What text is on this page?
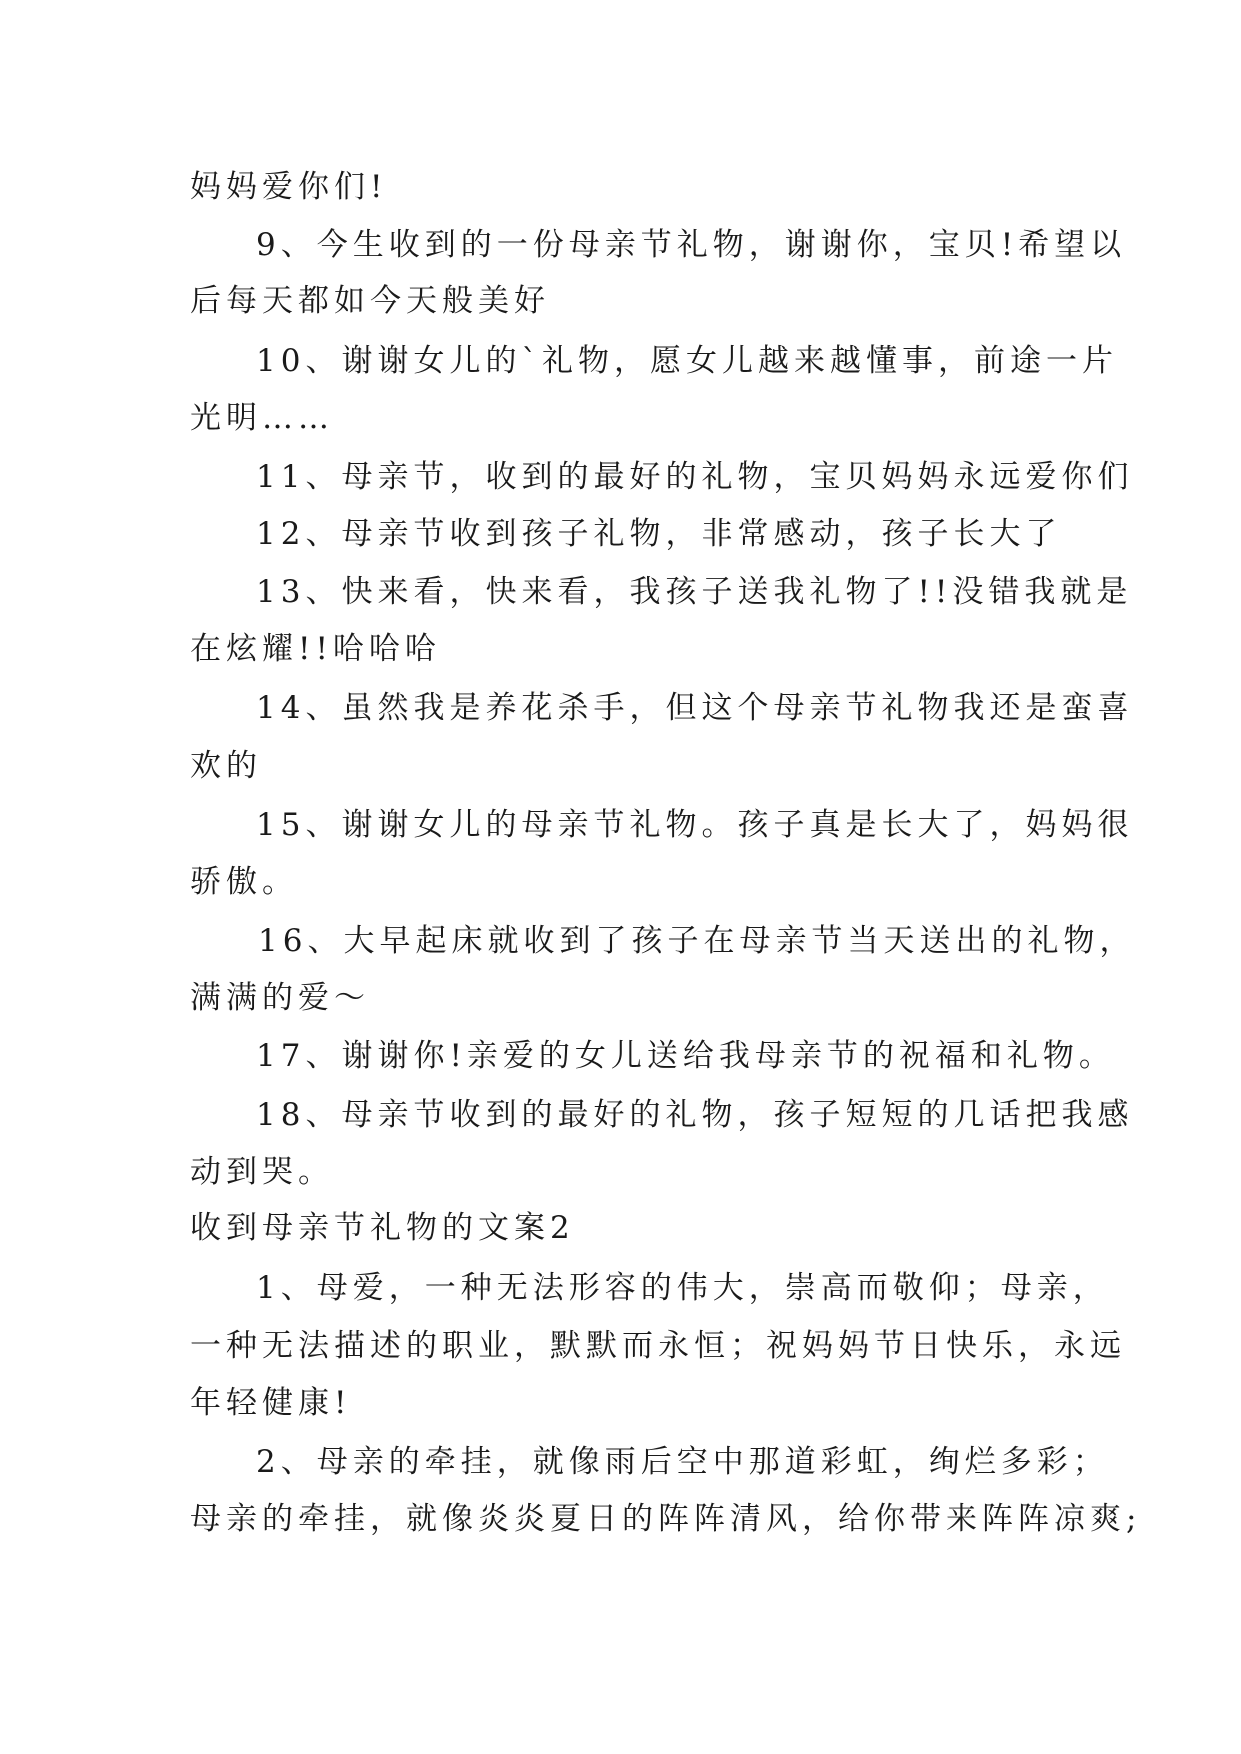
妈妈爱你们!
9、今生收到的一份母亲节礼物，谢谢你，宝贝!希望以
后每天都如今天般美好
10、谢谢女儿的`礼物，愿女儿越来越懂事，前途一片
光明……
11、母亲节，收到的最好的礼物，宝贝妈妈永远爱你们
12、母亲节收到孩子礼物，非常感动，孩子长大了
13、快来看，快来看，我孩子送我礼物了!!没错我就是
在炫耀!!哈哈哈
14、虽然我是养花杀手，但这个母亲节礼物我还是蛮喜
欢的
15、谢谢女儿的母亲节礼物。孩子真是长大了，妈妈很
骄傲。
16、大早起床就收到了孩子在母亲节当天送出的礼物，
满满的爱～
17、谢谢你!亲爱的女儿送给我母亲节的祝福和礼物。
18、母亲节收到的最好的礼物，孩子短短的几话把我感
动到哭。
收到母亲节礼物的文案2
1、母爱，一种无法形容的伟大，崇高而敬仰；母亲，
一种无法描述的职业，默默而永恒；祝妈妈节日快乐，永远
年轻健康!
2、母亲的牵挂，就像雨后空中那道彩虹，绚烂多彩；
母亲的牵挂，就像炎炎夏日的阵阵清风，给你带来阵阵凉爽;
